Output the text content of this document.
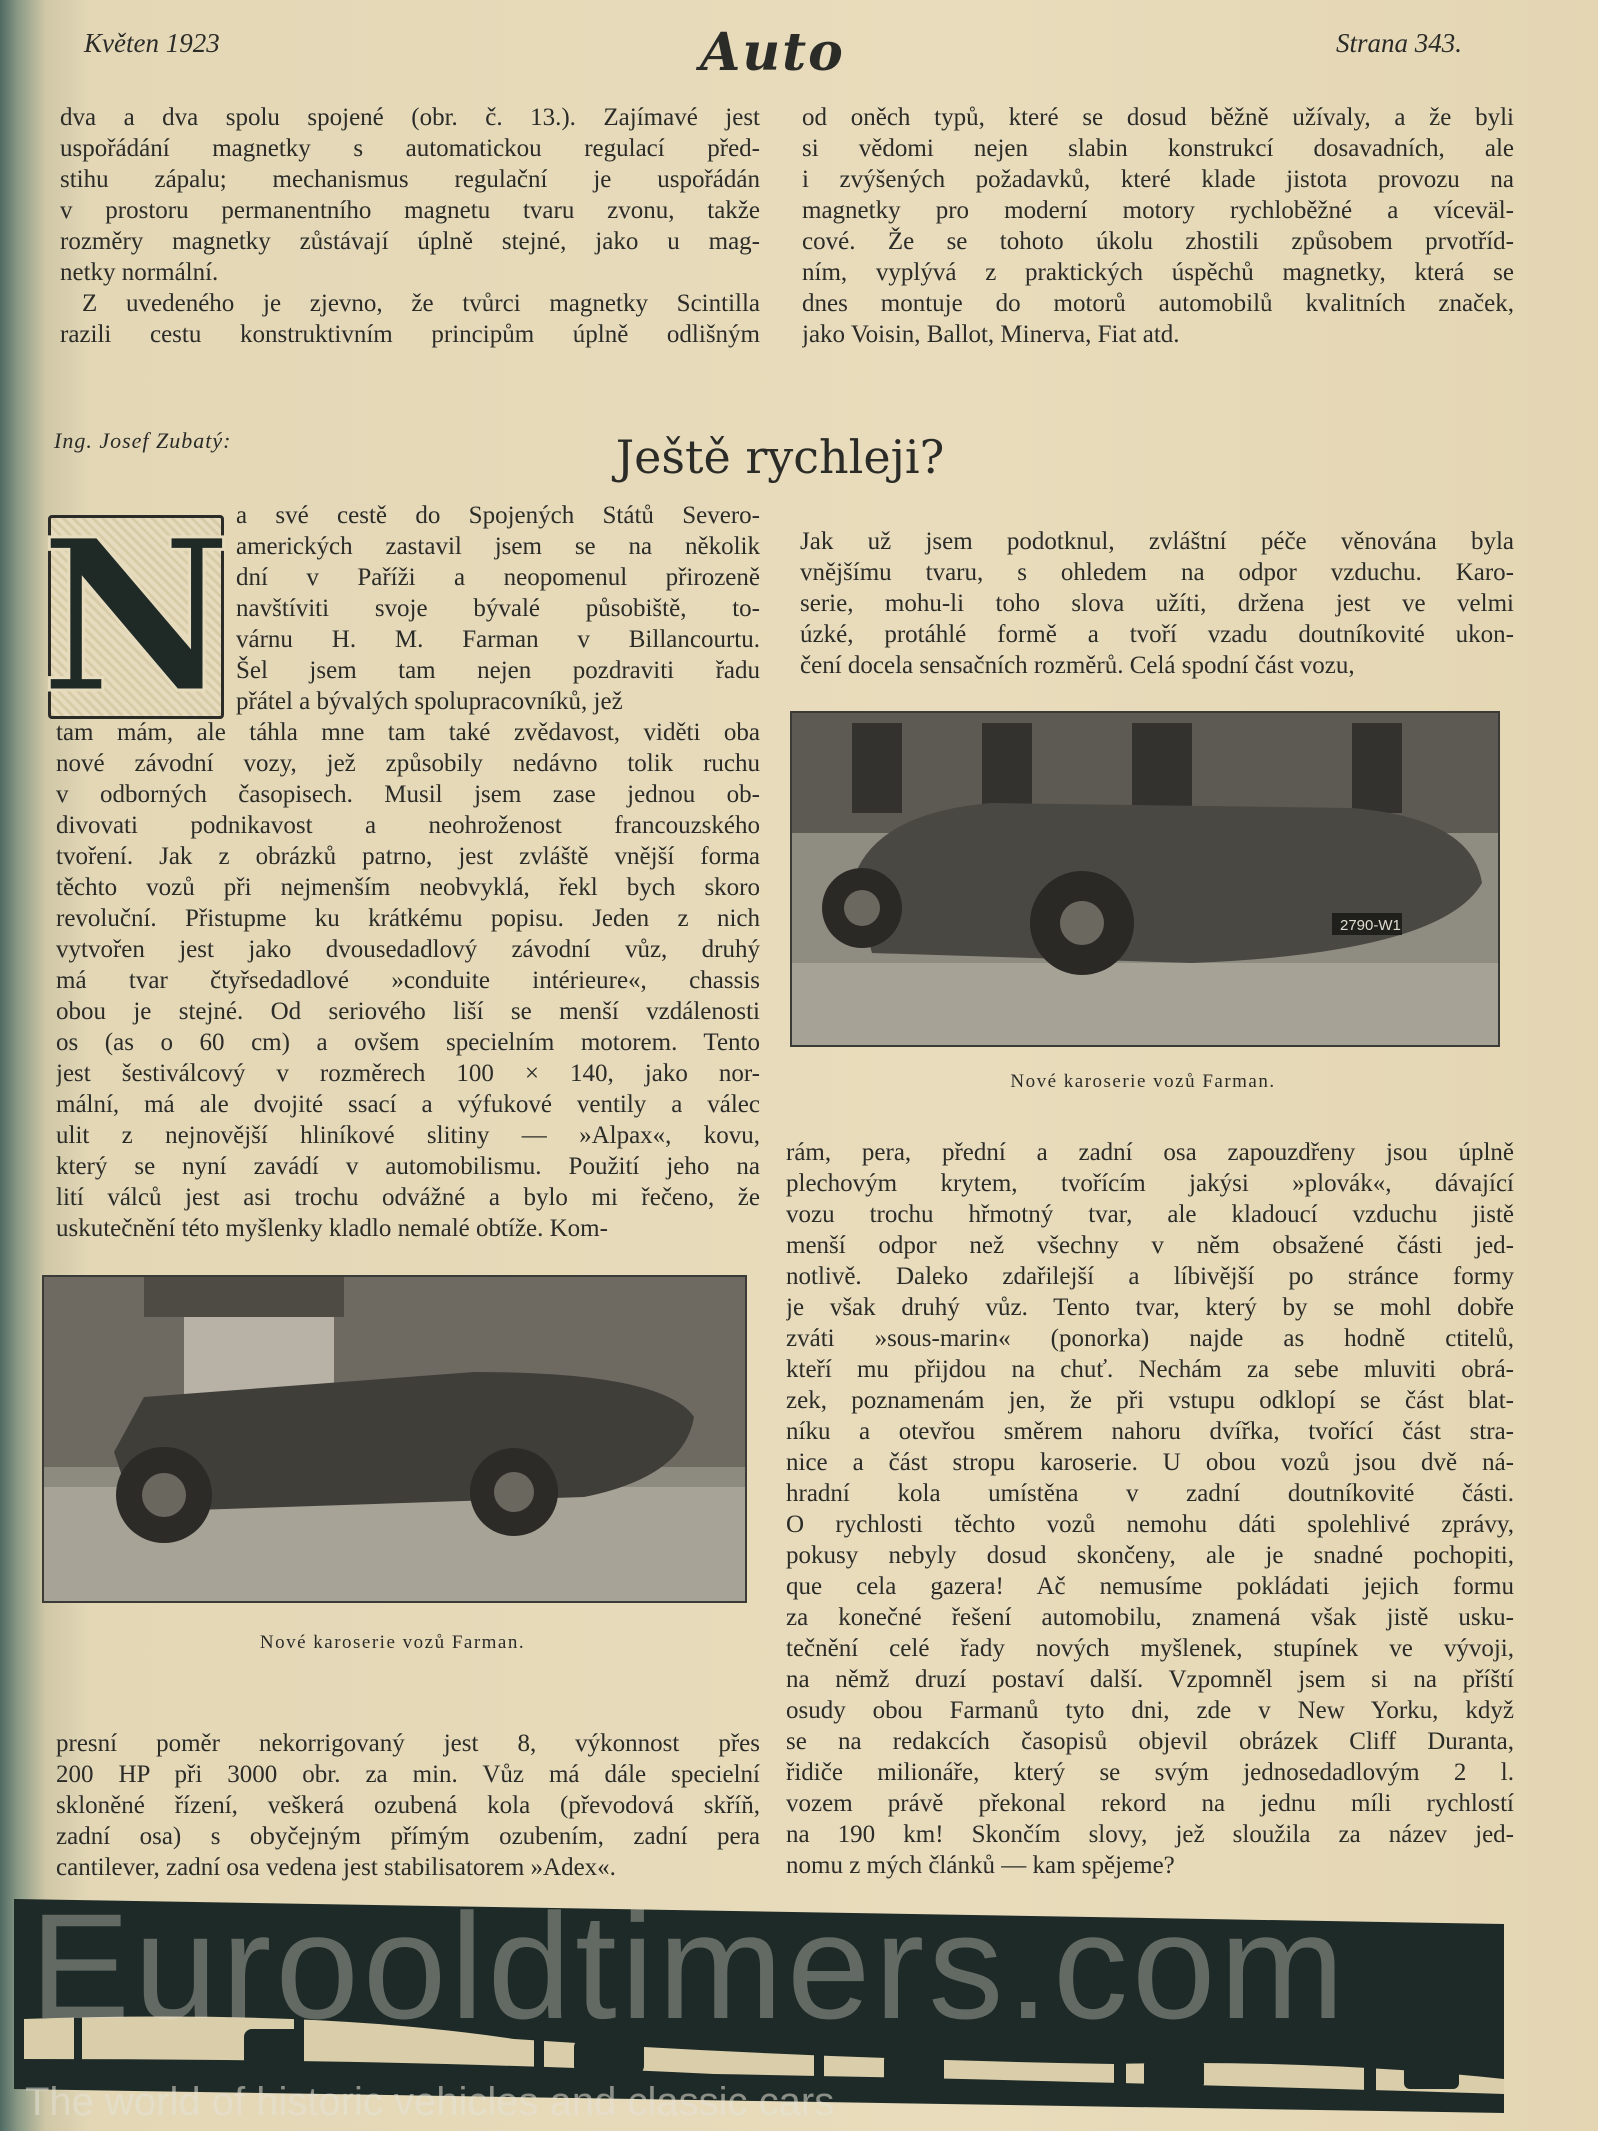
Květen 1923	Auto	Strana 343.
dva a dva spolu spojené (obr. č. 13.). Zajímavé jest
uspořádání magnetky s automatickou regulací před-
stihu zápalu; mechanismus regulační je uspořádán
v prostoru permanentního magnetu tvaru zvonu, takže
rozměry magnetky zůstávají úplně stejné, jako u mag-
netky normální.
Z uvedeného je zjevno, že tvůrci magnetky Scintilla
razili cestu konstruktivním principům úplně odlišným
od oněch typů, které se dosud běžně užívaly, a že byli
si vědomi nejen slabin konstrukcí dosavadních, ale
i zvýšených požadavků, které klade jistota provozu na
magnetky pro moderní motory rychloběžné a víceväl-
cové. Že se tohoto úkolu zhostili způsobem prvotříd-
ním, vyplývá z praktických úspěchů magnetky, která se
dnes montuje do motorů automobilů kvalitních značek,
jako Voisin, Ballot, Minerva, Fiat atd.
Ing. Josef Zubatý:	Ještě rychleji?
N a své cestě do Spojených Států Severo-
amerických zastavil jsem se na několik
dní v Paříži a neopomenul přirozeně
navštíviti svoje bývalé působiště, to-
várnu H. M. Farman v Billancourtu.
Šel jsem tam nejen pozdraviti řadu
přátel a bývalých spolupracovníků, jež
tam mám, ale táhla mne tam také zvědavost, viděti oba
nové závodní vozy, jež způsobily nedávno tolik ruchu
v odborných časopisech. Musil jsem zase jednou ob-
divovati podnikavost a neohroženost francouzského
tvoření. Jak z obrázků patrno, jest zvláště vnější forma
těchto vozů při nejmenším neobvyklá, řekl bych skoro
revoluční. Přistupme ku krátkému popisu. Jeden z nich
vytvořen jest jako dvousedadlový závodní vůz, druhý
má tvar čtyřsedadlové »conduite intérieure«, chassis
obou je stejné. Od seriového liší se menší vzdálenosti
os (as o 60 cm) a ovšem specielním motorem. Tento
jest šestiválcový v rozměrech 100 × 140, jako nor-
mální, má ale dvojité ssací a výfukové ventily a válec
ulit z nejnovější hliníkové slitiny — »Alpax«, kovu,
který se nyní zavádí v automobilismu. Použití jeho na
lití válců jest asi trochu odvážné a bylo mi řečeno, že
uskutečnění této myšlenky kladlo nemalé obtíže. Kom-
Nové karoserie vozů Farman.
presní poměr nekorrigovaný jest 8, výkonnost přes
200 HP při 3000 obr. za min. Vůz má dále specielní
skloněné řízení, veškerá ozubená kola (převodová skříň,
zadní osa) s obyčejným přímým ozubením, zadní pera
cantilever, zadní osa vedena jest stabilisatorem »Adex«.
Jak už jsem podotknul, zvláštní péče věnována byla
vnějšímu tvaru, s ohledem na odpor vzduchu. Karo-
serie, mohu-li toho slova užíti, držena jest ve velmi
úzké, protáhlé formě a tvoří vzadu doutníkovité ukon-
čení docela sensačních rozměrů. Celá spodní část vozu,
2790-W1
Nové karoserie vozů Farman.
rám, pera, přední a zadní osa zapouzdřeny jsou úplně
plechovým krytem, tvořícím jakýsi »plovák«, dávající
vozu trochu hřmotný tvar, ale kladoucí vzduchu jistě
menší odpor než všechny v něm obsažené části jed-
notlivě. Daleko zdařilejší a líbivější po stránce formy
je však druhý vůz. Tento tvar, který by se mohl dobře
zváti »sous-marin« (ponorka) najde as hodně ctitelů,
kteří mu přijdou na chuť. Nechám za sebe mluviti obrá-
zek, poznamenám jen, že při vstupu odklopí se část blat-
níku a otevřou směrem nahoru dvířka, tvořící část stra-
nice a část stropu karoserie. U obou vozů jsou dvě ná-
hradní kola umístěna v zadní doutníkovité části.
O rychlosti těchto vozů nemohu dáti spolehlivé zprávy,
pokusy nebyly dosud skončeny, ale je snadné pochopiti,
que cela gazera! Ač nemusíme pokládati jejich formu
za konečné řešení automobilu, znamená však jistě usku-
tečnění celé řady nových myšlenek, stupínek ve vývoji,
na němž druzí postaví další. Vzpomněl jsem si na příští
osudy obou Farmanů tyto dni, zde v New Yorku, když
se na redakcích časopisů objevil obrázek Cliff Duranta,
řidiče milionáře, který se svým jednosedadlovým 2 l.
vozem právě překonal rekord na jednu míli rychlostí
na 190 km! Skončím slovy, jež sloužila za název jed-
nomu z mých článků — kam spějeme?
Eurooldtimers.com
The world of historic vehicles and classic cars
